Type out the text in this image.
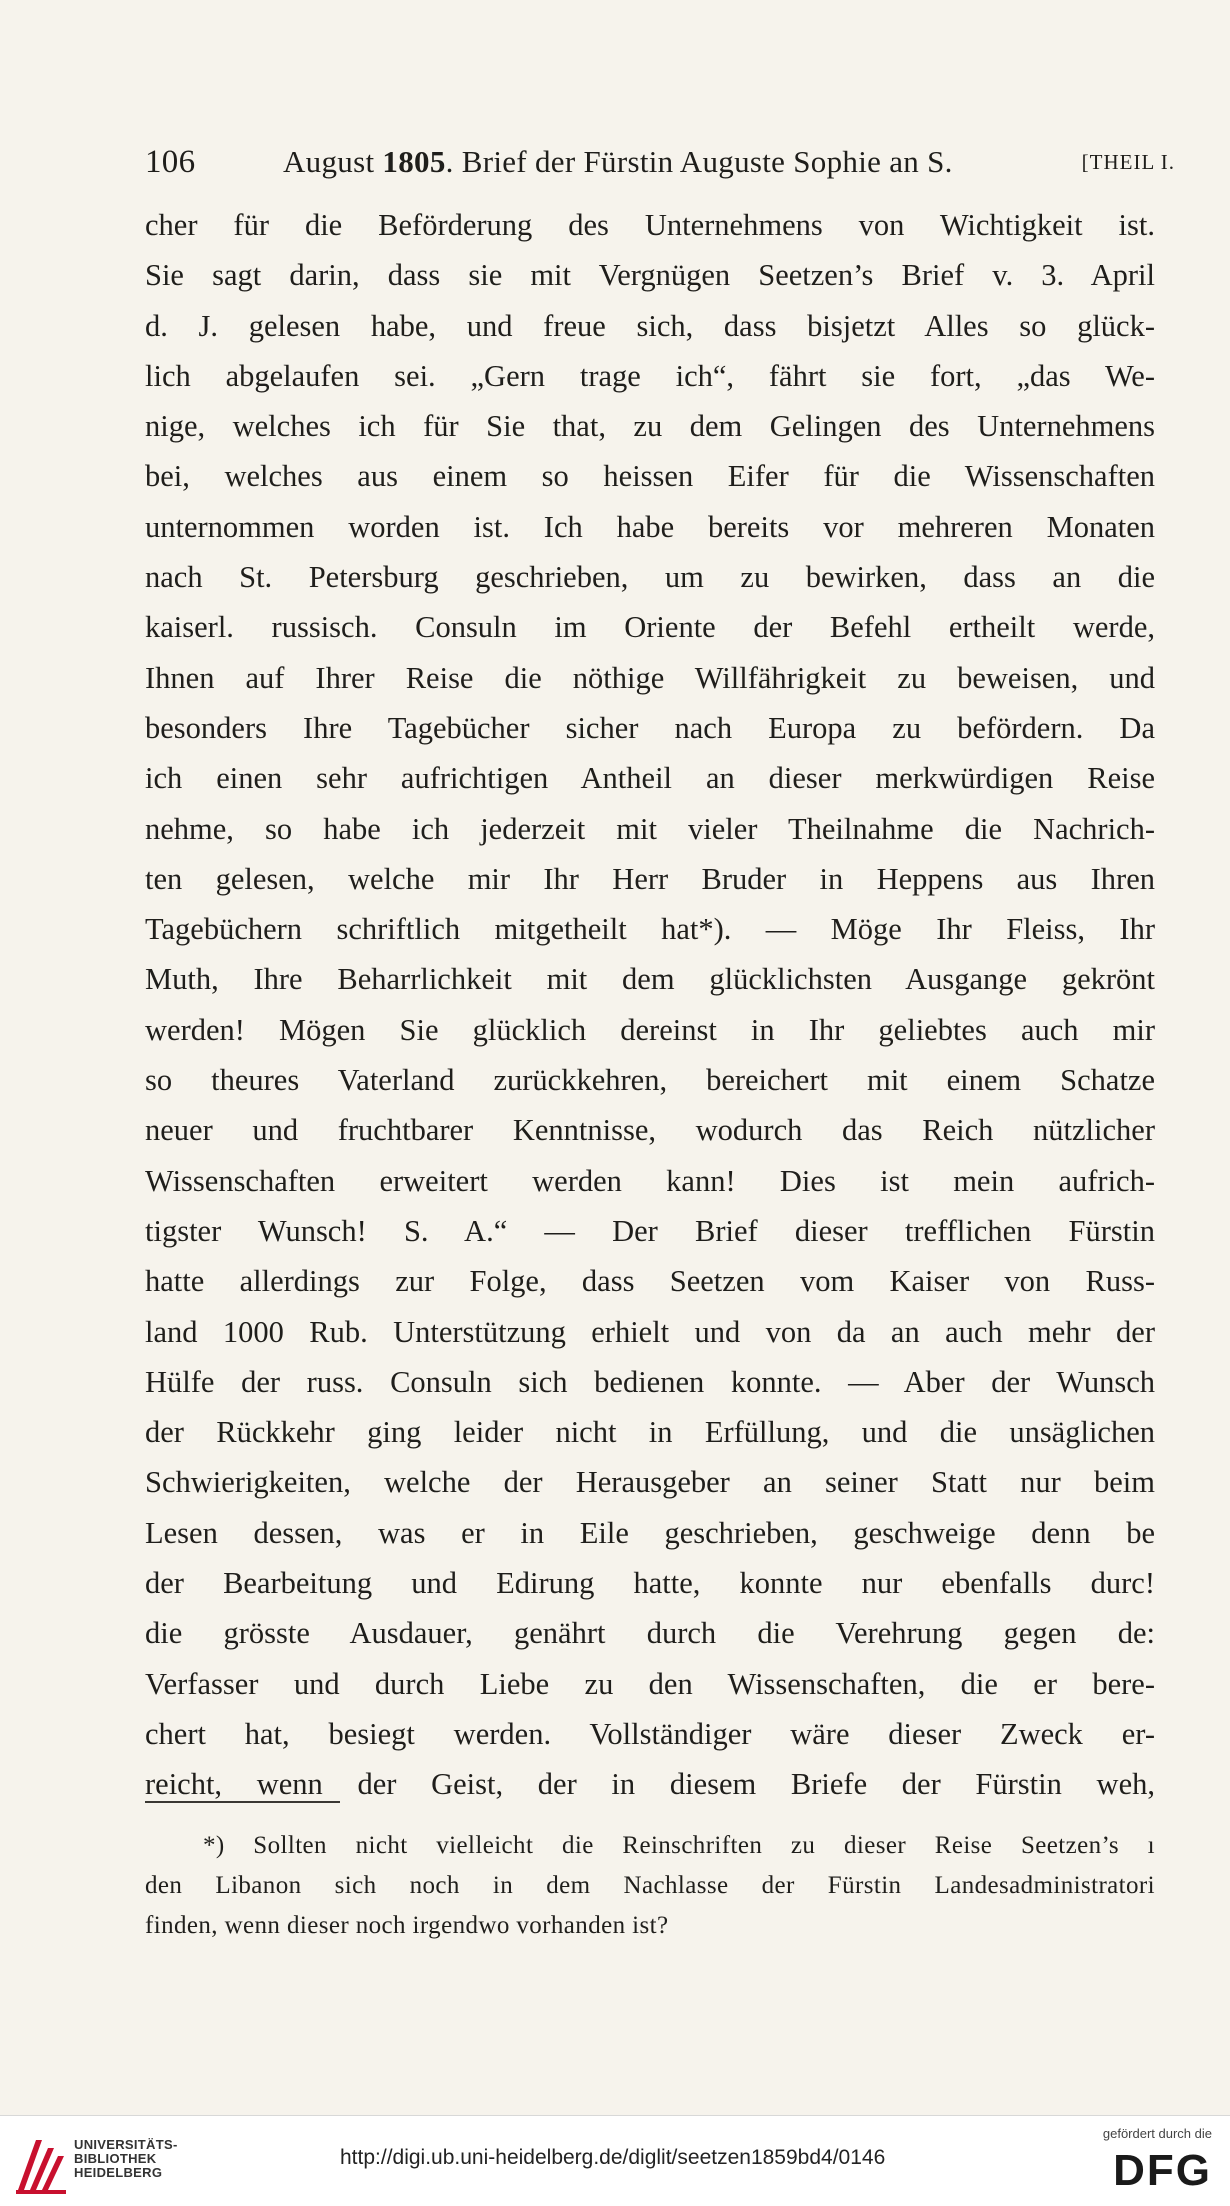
106	August 1805. Brief der Fürstin Auguste Sophie an S.	[THEIL I.
cher für die Beförderung des Unternehmens von Wichtigkeit ist.
Sie sagt darin, dass sie mit Vergnügen Seetzen’s Brief v. 3. April
d. J. gelesen habe, und freue sich, dass bisjetzt Alles so glück-
lich abgelaufen sei. „Gern trage ich“, fährt sie fort, „das We-
nige, welches ich für Sie that, zu dem Gelingen des Unternehmens
bei, welches aus einem so heissen Eifer für die Wissenschaften
unternommen worden ist. Ich habe bereits vor mehreren Monaten
nach St. Petersburg geschrieben, um zu bewirken, dass an die
kaiserl. russisch. Consuln im Oriente der Befehl ertheilt werde,
Ihnen auf Ihrer Reise die nöthige Willfährigkeit zu beweisen, und
besonders Ihre Tagebücher sicher nach Europa zu befördern. Da
ich einen sehr aufrichtigen Antheil an dieser merkwürdigen Reise
nehme, so habe ich jederzeit mit vieler Theilnahme die Nachrich-
ten gelesen, welche mir Ihr Herr Bruder in Heppens aus Ihren
Tagebüchern schriftlich mitgetheilt hat*). — Möge Ihr Fleiss, Ihr
Muth, Ihre Beharrlichkeit mit dem glücklichsten Ausgange gekrönt
werden! Mögen Sie glücklich dereinst in Ihr geliebtes auch mir
so theures Vaterland zurückkehren, bereichert mit einem Schatze
neuer und fruchtbarer Kenntnisse, wodurch das Reich nützlicher
Wissenschaften erweitert werden kann! Dies ist mein aufrich-
tigster Wunsch! S. A.“ — Der Brief dieser trefflichen Fürstin
hatte allerdings zur Folge, dass Seetzen vom Kaiser von Russ-
land 1000 Rub. Unterstützung erhielt und von da an auch mehr der
Hülfe der russ. Consuln sich bedienen konnte. — Aber der Wunsch
der Rückkehr ging leider nicht in Erfüllung, und die unsäglichen
Schwierigkeiten, welche der Herausgeber an seiner Statt nur beim
Lesen dessen, was er in Eile geschrieben, geschweige denn be
der Bearbeitung und Edirung hatte, konnte nur ebenfalls durc!
die grösste Ausdauer, genährt durch die Verehrung gegen de:
Verfasser und durch Liebe zu den Wissenschaften, die er bere-
chert hat, besiegt werden. Vollständiger wäre dieser Zweck er-
reicht, wenn der Geist, der in diesem Briefe der Fürstin weh,
*) Sollten nicht vielleicht die Reinschriften zu dieser Reise Seetzen’s ı
den Libanon sich noch in dem Nachlasse der Fürstin Landesadministratori
finden, wenn dieser noch irgendwo vorhanden ist?
UNIVERSITÄTS-
BIBLIOTHEK
HEIDELBERG
http://digi.ub.uni-heidelberg.de/diglit/seetzen1859bd4/0146
gefördert durch die
DFG
